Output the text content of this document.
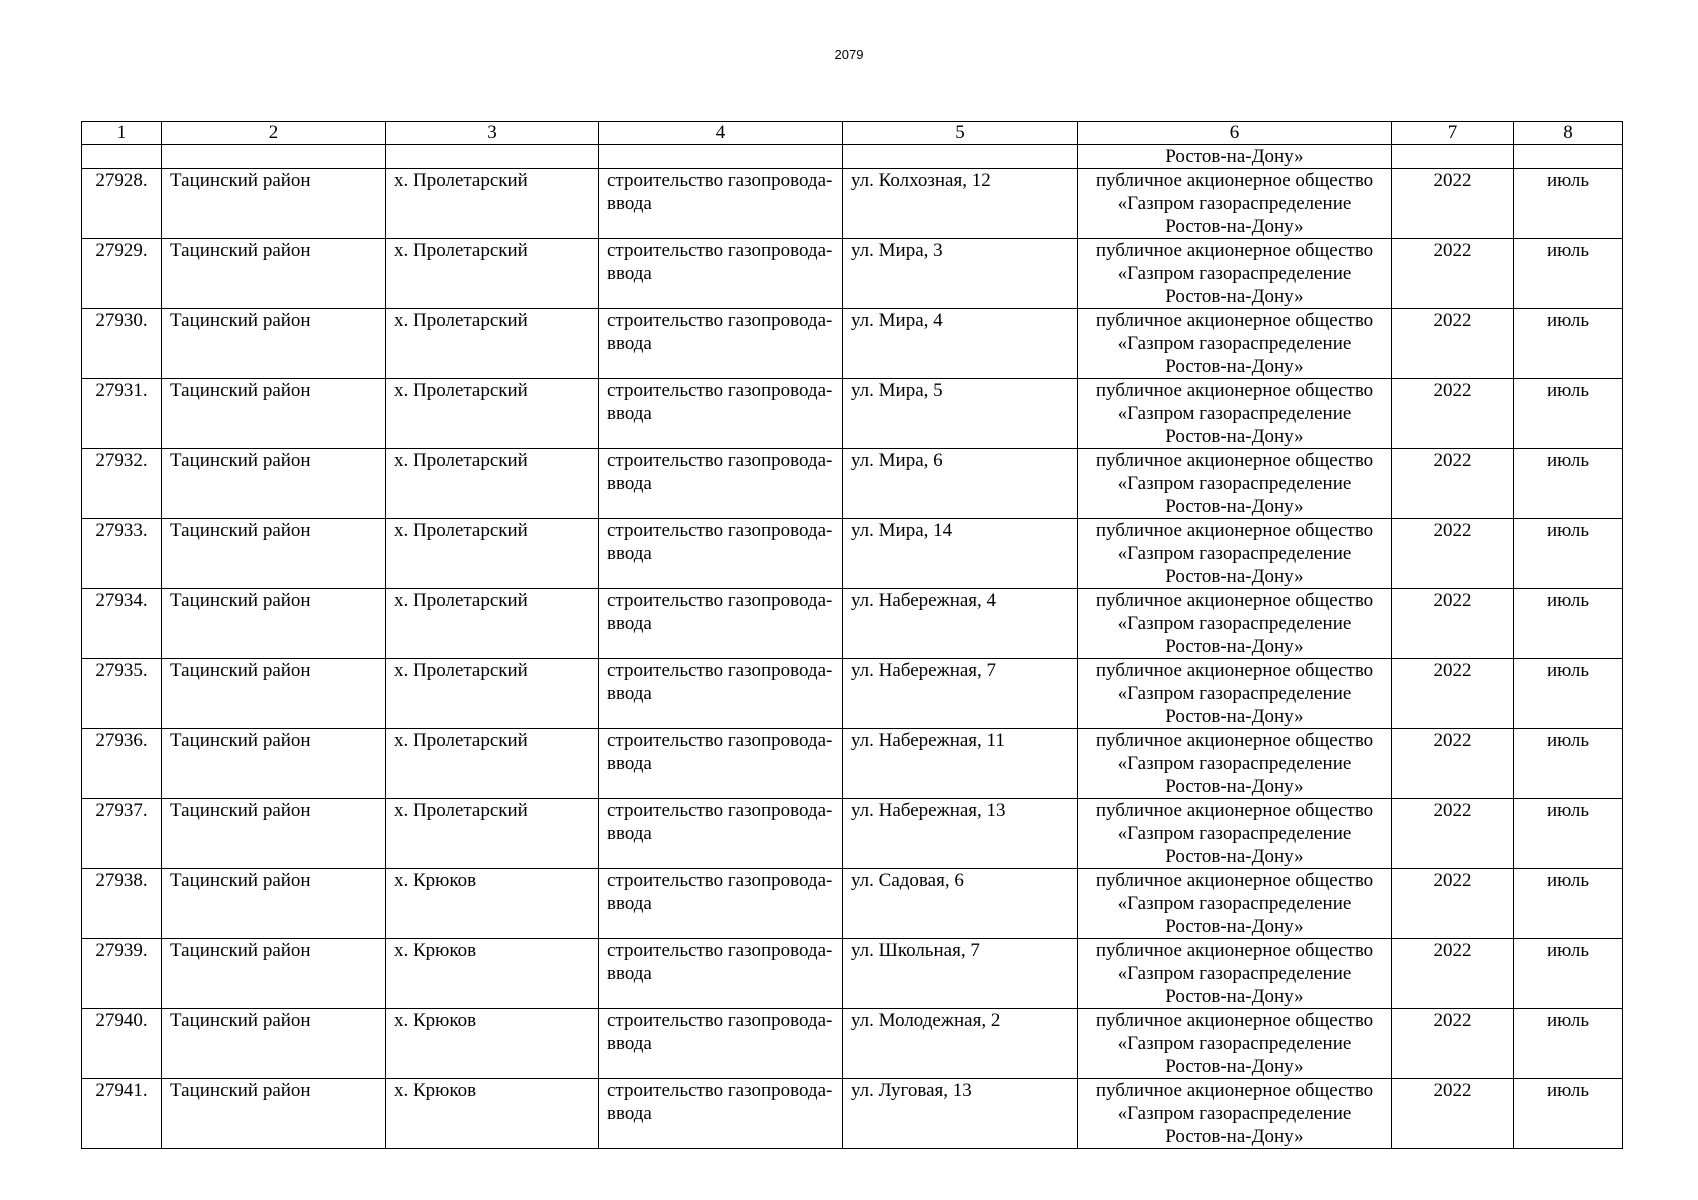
2079
1	2	3	4	5	6	7	8
					Ростов-на-Дону»		
27928.	Тацинский район	х. Пролетарский	строительство газопровода-ввода	ул. Колхозная, 12	публичное акционерное общество «Газпром газораспределение Ростов-на-Дону»	2022	июль
27929.	Тацинский район	х. Пролетарский	строительство газопровода-ввода	ул. Мира, 3	публичное акционерное общество «Газпром газораспределение Ростов-на-Дону»	2022	июль
27930.	Тацинский район	х. Пролетарский	строительство газопровода-ввода	ул. Мира, 4	публичное акционерное общество «Газпром газораспределение Ростов-на-Дону»	2022	июль
27931.	Тацинский район	х. Пролетарский	строительство газопровода-ввода	ул. Мира, 5	публичное акционерное общество «Газпром газораспределение Ростов-на-Дону»	2022	июль
27932.	Тацинский район	х. Пролетарский	строительство газопровода-ввода	ул. Мира, 6	публичное акционерное общество «Газпром газораспределение Ростов-на-Дону»	2022	июль
27933.	Тацинский район	х. Пролетарский	строительство газопровода-ввода	ул. Мира, 14	публичное акционерное общество «Газпром газораспределение Ростов-на-Дону»	2022	июль
27934.	Тацинский район	х. Пролетарский	строительство газопровода-ввода	ул. Набережная, 4	публичное акционерное общество «Газпром газораспределение Ростов-на-Дону»	2022	июль
27935.	Тацинский район	х. Пролетарский	строительство газопровода-ввода	ул. Набережная, 7	публичное акционерное общество «Газпром газораспределение Ростов-на-Дону»	2022	июль
27936.	Тацинский район	х. Пролетарский	строительство газопровода-ввода	ул. Набережная, 11	публичное акционерное общество «Газпром газораспределение Ростов-на-Дону»	2022	июль
27937.	Тацинский район	х. Пролетарский	строительство газопровода-ввода	ул. Набережная, 13	публичное акционерное общество «Газпром газораспределение Ростов-на-Дону»	2022	июль
27938.	Тацинский район	х. Крюков	строительство газопровода-ввода	ул. Садовая, 6	публичное акционерное общество «Газпром газораспределение Ростов-на-Дону»	2022	июль
27939.	Тацинский район	х. Крюков	строительство газопровода-ввода	ул. Школьная, 7	публичное акционерное общество «Газпром газораспределение Ростов-на-Дону»	2022	июль
27940.	Тацинский район	х. Крюков	строительство газопровода-ввода	ул. Молодежная, 2	публичное акционерное общество «Газпром газораспределение Ростов-на-Дону»	2022	июль
27941.	Тацинский район	х. Крюков	строительство газопровода-ввода	ул. Луговая, 13	публичное акционерное общество «Газпром газораспределение Ростов-на-Дону»	2022	июль
